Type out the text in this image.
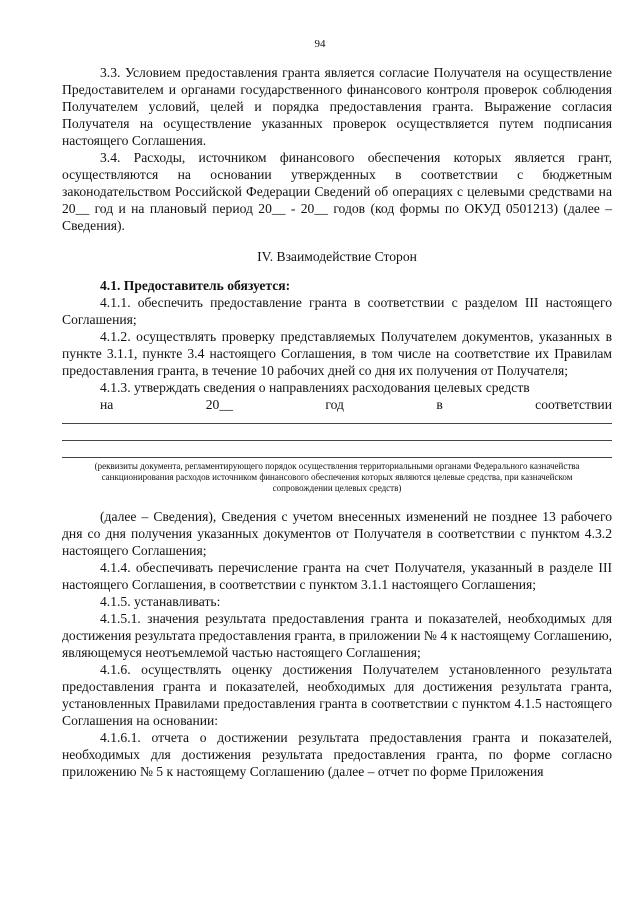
94

3.3. Условием предоставления гранта является согласие Получателя на осуществление Предоставителем и органами государственного финансового контроля проверок соблюдения Получателем условий, целей и порядка предоставления гранта. Выражение согласия Получателя на осуществление указанных проверок осуществляется путем подписания настоящего Соглашения.

3.4. Расходы, источником финансового обеспечения которых является грант, осуществляются на основании утвержденных в соответствии с бюджетным законодательством Российской Федерации Сведений об операциях с целевыми средствами на 20__ год и на плановый период 20__ - 20__ годов (код формы по ОКУД 0501213) (далее – Сведения).

IV. Взаимодействие Сторон

4.1. Предоставитель обязуется:

4.1.1. обеспечить предоставление гранта в соответствии с разделом III настоящего Соглашения;

4.1.2. осуществлять проверку представляемых Получателем документов, указанных в пункте 3.1.1, пункте 3.4 настоящего Соглашения, в том числе на соответствие их Правилам предоставления гранта, в течение 10 рабочих дней со дня их получения от Получателя;

4.1.3. утверждать сведения о направлениях расходования целевых средств

на	20__	год	в	соответствии

(реквизиты документа, регламентирующего порядок осуществления территориальными органами Федерального казначейства санкционирования расходов источником финансового обеспечения которых являются целевые средства, при казначейском сопровождении целевых средств)

(далее – Сведения), Сведения с учетом внесенных изменений не позднее 13 рабочего дня со дня получения указанных документов от Получателя в соответствии с пунктом 4.3.2 настоящего Соглашения;

4.1.4. обеспечивать перечисление гранта на счет Получателя, указанный в разделе III настоящего Соглашения, в соответствии с пунктом 3.1.1 настоящего Соглашения;

4.1.5. устанавливать:

4.1.5.1. значения результата предоставления гранта и показателей, необходимых для достижения результата предоставления гранта, в приложении № 4 к настоящему Соглашению, являющемуся неотъемлемой частью настоящего Соглашения;

4.1.6. осуществлять оценку достижения Получателем установленного результата предоставления гранта и показателей, необходимых для достижения результата гранта, установленных Правилами предоставления гранта в соответствии с пунктом 4.1.5 настоящего Соглашения на основании:

4.1.6.1. отчета о достижении результата предоставления гранта и показателей, необходимых для достижения результата предоставления гранта, по форме согласно приложению № 5 к настоящему Соглашению (далее – отчет по форме Приложения
